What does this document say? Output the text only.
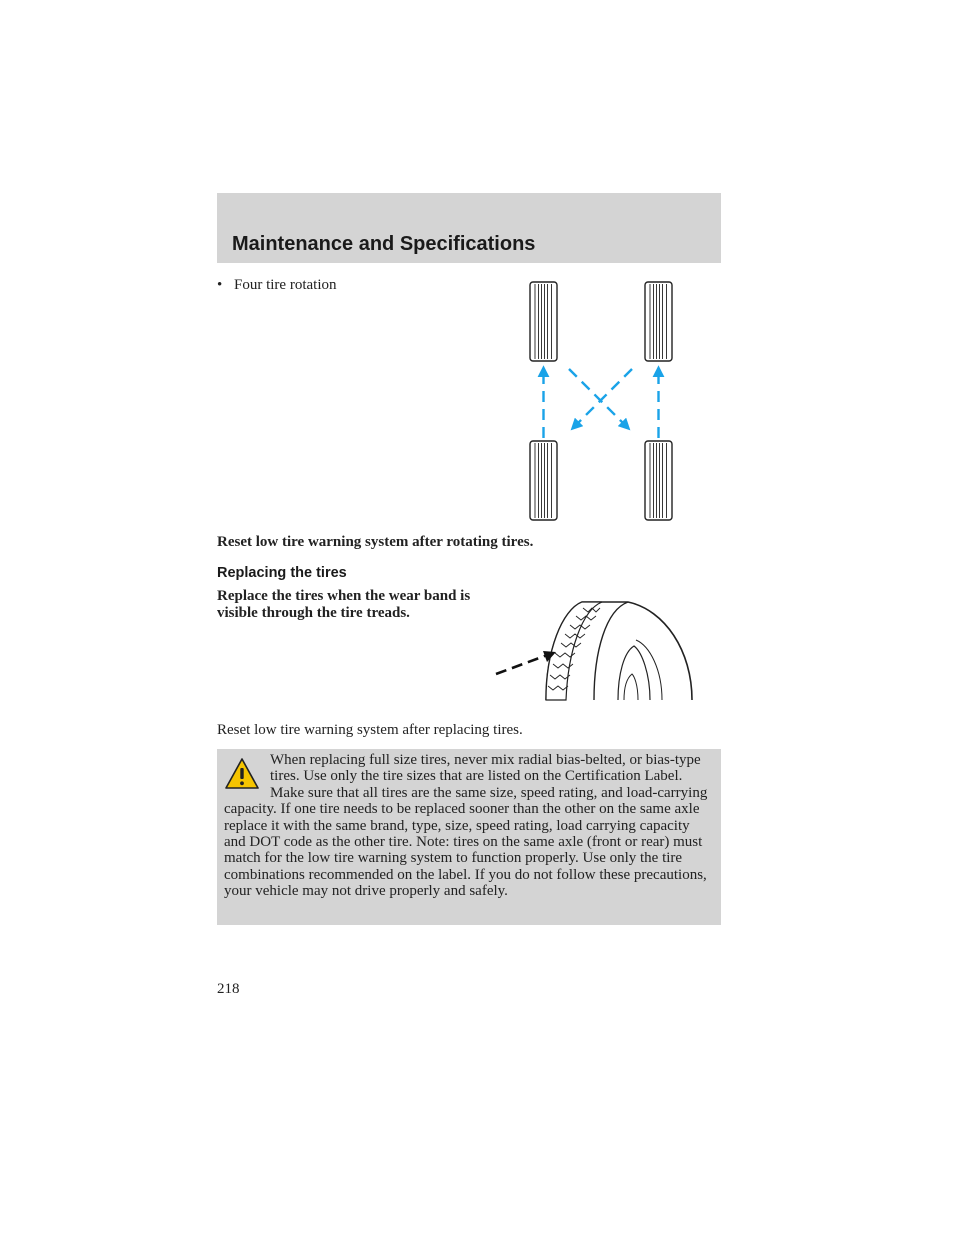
Maintenance and Specifications
• Four tire rotation
Reset low tire warning system after rotating tires.
Replacing the tires

Replace the tires when the wear band is visible through the tire treads.

Reset low tire warning system after replacing tires.

When replacing full size tires, never mix radial bias-belted, or bias-type tires. Use only the tire sizes that are listed on the Certification Label. Make sure that all tires are the same size, speed rating, and load-carrying capacity. If one tire needs to be replaced sooner than the other on the same axle replace it with the same brand, type, size, speed rating, load carrying capacity and DOT code as the other tire. Note: tires on the same axle (front or rear) must match for the low tire warning system to function properly. Use only the tire combinations recommended on the label. If you do not follow these precautions, your vehicle may not drive properly and safely.

218
